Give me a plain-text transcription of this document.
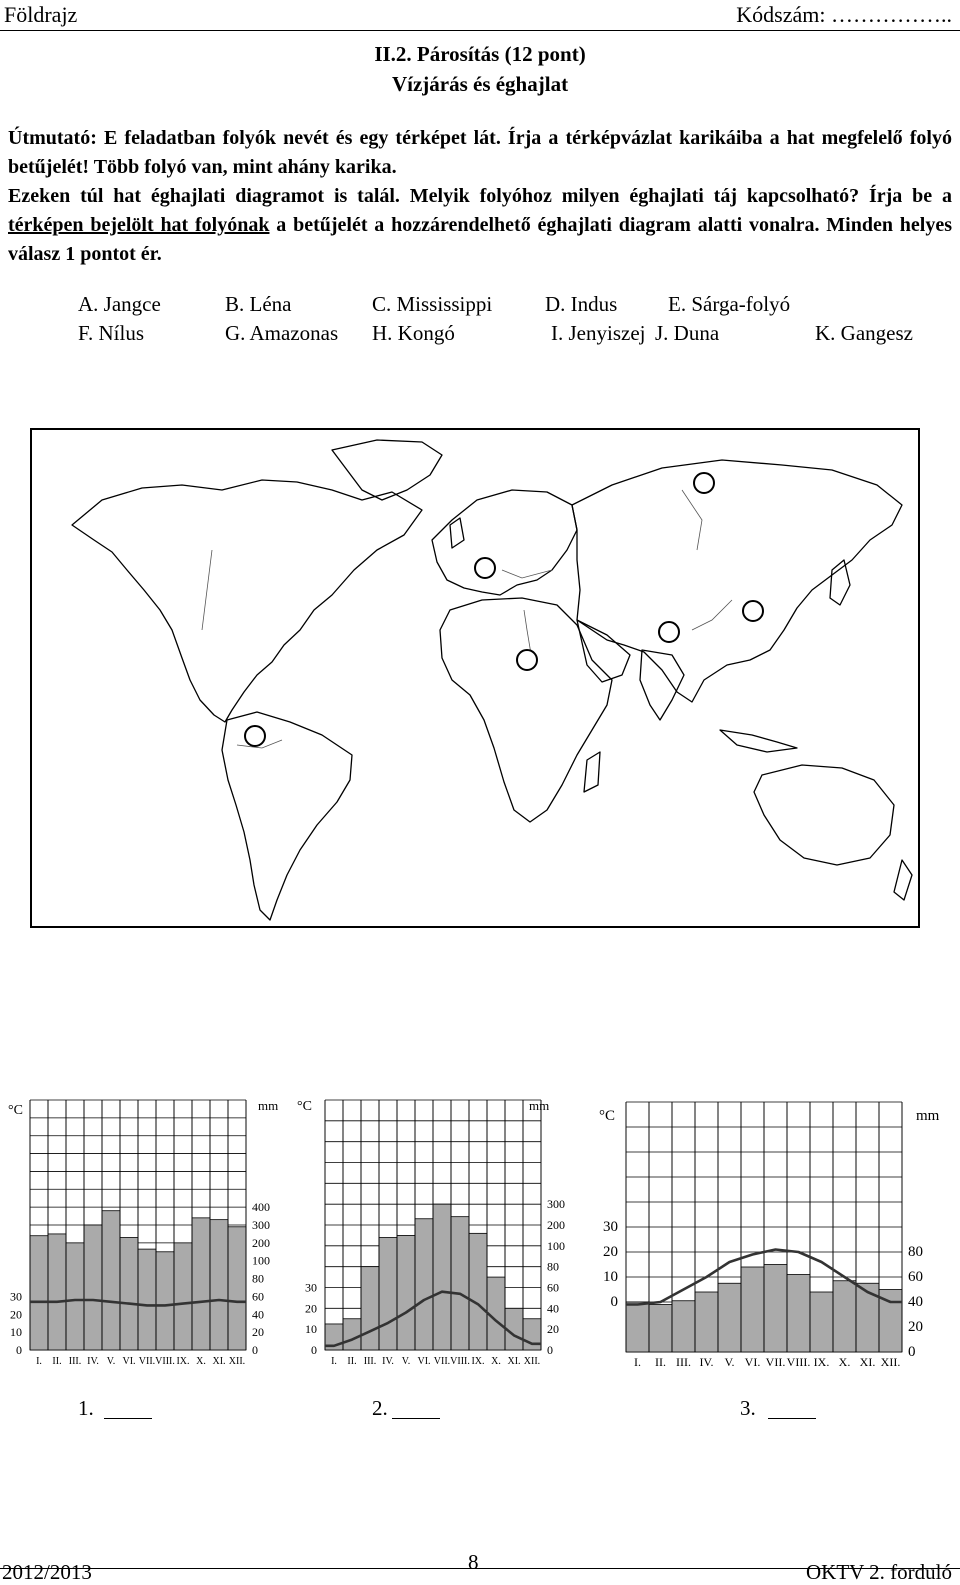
Földrajz	Kódszám: ……………..
II.2. Párosítás (12 pont)
Vízjárás és éghajlat

Útmutató: E feladatban folyók nevét és egy térképet lát. Írja a térképvázlat karikáiba a hat megfelelő folyó betűjelét! Több folyó van, mint ahány karika.

Ezeken túl hat éghajlati diagramot is talál. Melyik folyóhoz milyen éghajlati táj kapcsolható? Írja be a térképen bejelölt hat folyónak a betűjelét a hozzárendelhető éghajlati diagram alatti vonalra. Minden helyes válasz 1 pontot ér.

A. Jangce	B. Léna	C. Mississippi	D. Indus E. Sárga-folyó
F. Nílus	G. Amazonas H. Kongó	I. Jenyiszej J. Duna	K. Gangesz
°C	mm
400
300
200
100
80
60
40
20
0
30
20
10
0
I. II. III. IV. V. VI. VII. VIII. IX. X. XI. XII.
°C	mm
300
200
100
80
60
40
20
0
30
20
10
0
I. II. III. IV. V. VI. VII. VIII. IX. X. XI. XII.
°C	mm
80
60
40
20
0
30
20
10
0
I. II. III. IV. V. VI. VII. VIII. IX. X. XI. XII.
1.	2.	3.
2012/2013	8	OKTV 2. forduló
